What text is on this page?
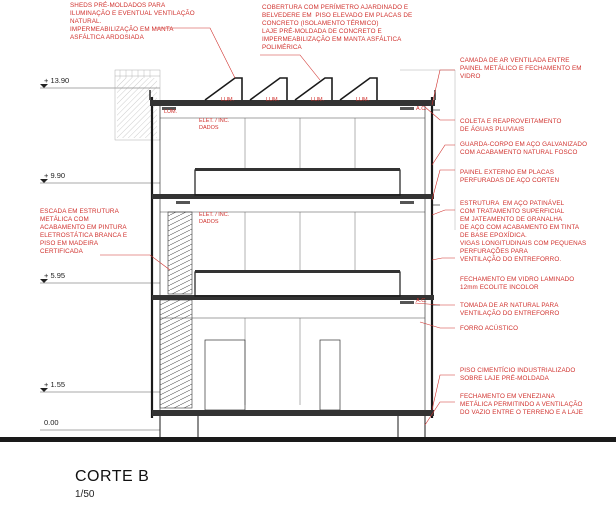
+ 13.90
+ 9.90
+ 5.95
+ 1.55
0.00
SHEDS PRÉ-MOLDADOS PARA
ILUMINAÇÃO E EVENTUAL VENTILAÇÃO
NATURAL.
IMPERMEABILIZAÇÃO EM MANTA
ASFÁLTICA ARDOSIADA
COBERTURA COM PERÍMETRO AJARDINADO E
BELVEDERE EM  PISO ELEVADO EM PLACAS DE
CONCRETO (ISOLAMENTO TÉRMICO)
LAJE PRÉ-MOLDADA DE CONCRETO E
IMPERMEABILIZAÇÃO EM MANTA ASFÁLTICA
POLIMÉRICA
CAMADA DE AR VENTILADA ENTRE
PAINEL METÁLICO E FECHAMENTO EM
VIDRO
COLETA E REAPROVEITAMENTO
DE ÁGUAS PLUVIAIS
GUARDA-CORPO EM AÇO GALVANIZADO
COM ACABAMENTO NATURAL FOSCO
PAINEL EXTERNO EM PLACAS
PERFURADAS DE AÇO CORTEN
ESTRUTURA  EM AÇO PATINÁVEL
COM TRATAMENTO SUPERFICIAL
EM JATEAMENTO DE GRANALHA
DE AÇO COM ACABAMENTO EM TINTA
DE BASE EPOXÍDICA.
VIGAS LONGITUDINAIS COM PEQUENAS
PERFURAÇÕES PARA
VENTILAÇÃO DO ENTREFORRO.
FECHAMENTO EM VIDRO LAMINADO
12mm ECOLITE INCOLOR
TOMADA DE AR NATURAL PARA
VENTILAÇÃO DO ENTREFORRO
FORRO ACÚSTICO
PISO CIMENTÍCIO INDUSTRIALIZADO
SOBRE LAJE PRÉ-MOLDADA
FECHAMENTO EM VENEZIANA
METÁLICA PERMITINDO A VENTILAÇÃO
DO VAZIO ENTRE O TERRENO E A LAJE
ESCADA EM ESTRUTURA
METÁLICA COM
ACABAMENTO EM PINTURA
ELETROSTÁTICA BRANCA E
PISO EM MADEIRA
CERTIFICADA
LUM.	LUM.	LUM.	LUM.
LUM.
ELET. / INC.
DADOS
ELET. / INC.
DADOS
A.C.
A.C.
CORTE B
1/50
